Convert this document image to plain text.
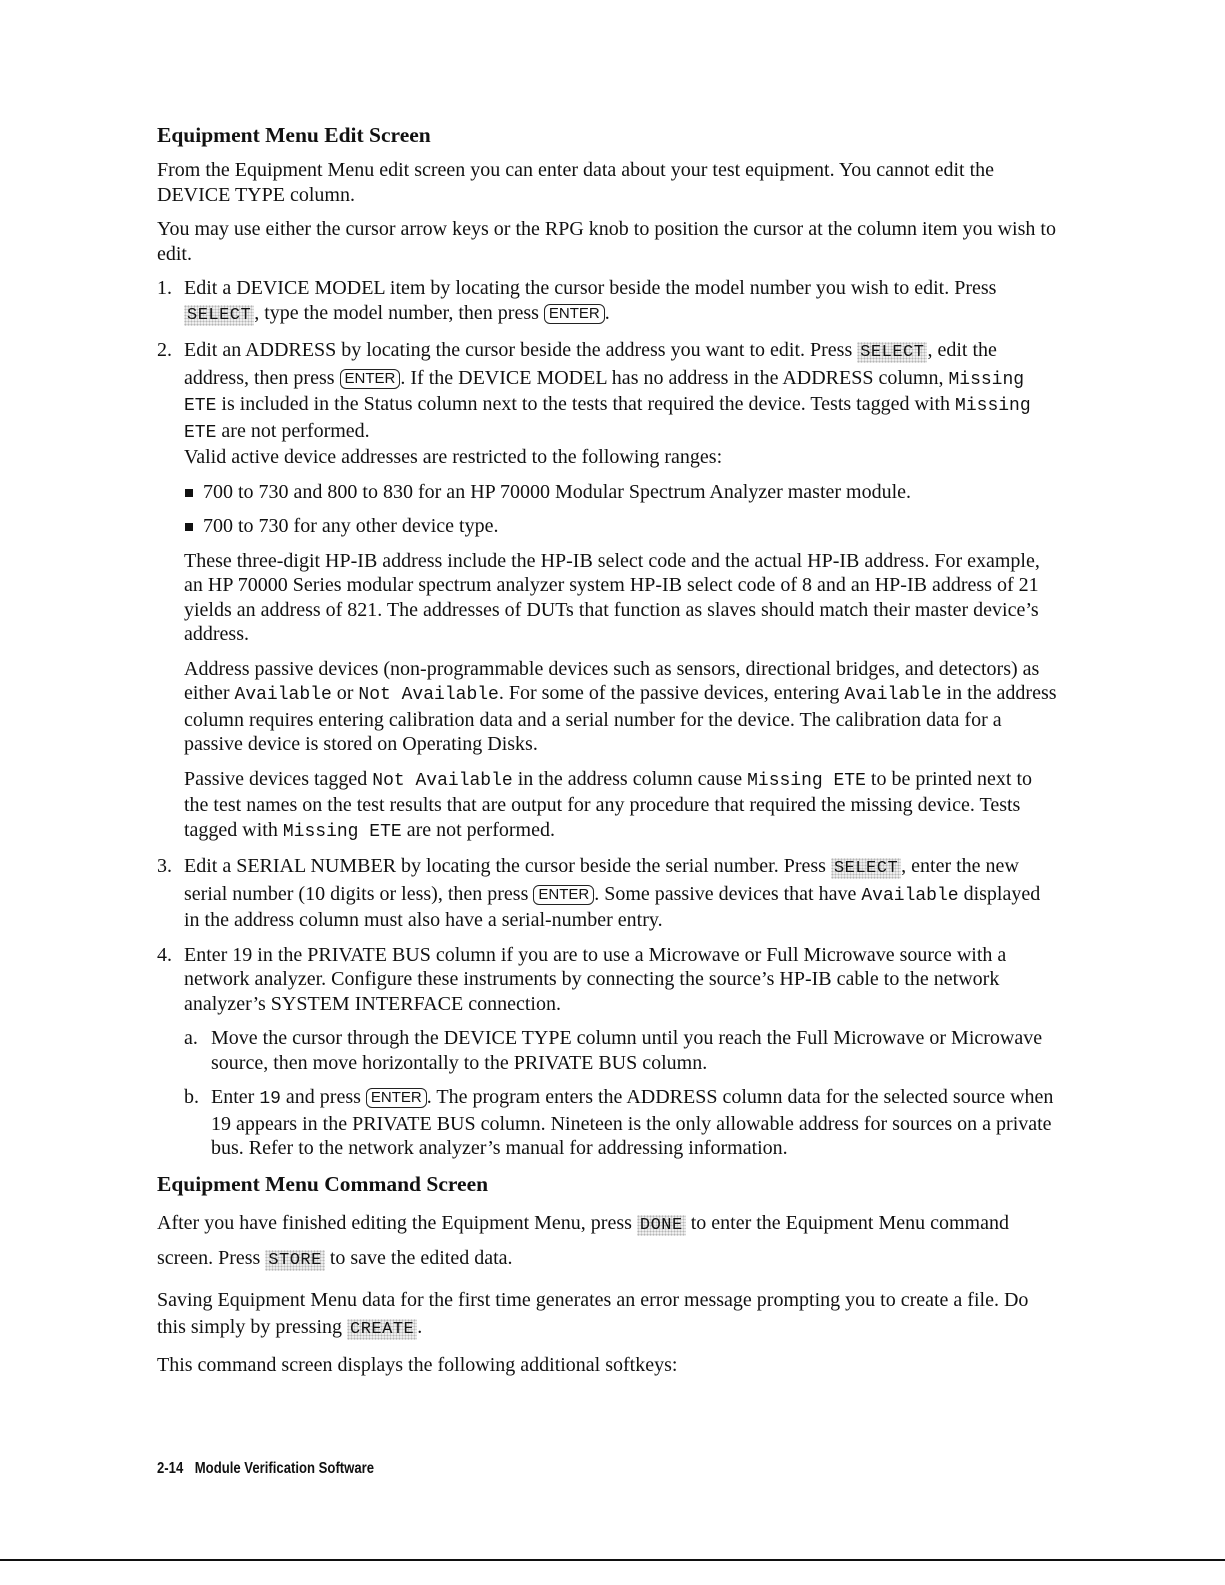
Equipment Menu Edit Screen

From the Equipment Menu edit screen you can enter data about your test equipment. You cannot edit the DEVICE TYPE column.

You may use either the cursor arrow keys or the RPG knob to position the cursor at the column item you wish to edit.

1. Edit a DEVICE MODEL item by locating the cursor beside the model number you wish to edit. Press SELECT , type the model number, then press ENTER .
2. Edit an ADDRESS by locating the cursor beside the address you want to edit. Press SELECT , edit the address, then press ENTER . If the DEVICE MODEL has no address in the ADDRESS column, Missing ETE is included in the Status column next to the tests that required the device. Tests tagged with Missing ETE are not performed.
Valid active device addresses are restricted to the following ranges:
700 to 730 and 800 to 830 for an HP 70000 Modular Spectrum Analyzer master module.
700 to 730 for any other device type.

These three-digit HP-IB address include the HP-IB select code and the actual HP-IB address. For example, an HP 70000 Series modular spectrum analyzer system HP-IB select code of 8 and an HP-IB address of 21 yields an address of 821. The addresses of DUTs that function as slaves should match their master device’s address.

Address passive devices (non-programmable devices such as sensors, directional bridges, and detectors) as either Available or Not Available. For some of the passive devices, entering Available in the address column requires entering calibration data and a serial number for the device. The calibration data for a passive device is stored on Operating Disks.

Passive devices tagged Not Available in the address column cause Missing ETE to be printed next to the test names on the test results that are output for any procedure that required the missing device. Tests tagged with Missing ETE are not performed.

3. Edit a SERIAL NUMBER by locating the cursor beside the serial number. Press SELECT , enter the new serial number (10 digits or less), then press ENTER . Some passive devices that have Available displayed in the address column must also have a serial-number entry.
4. Enter 19 in the PRIVATE BUS column if you are to use a Microwave or Full Microwave source with a network analyzer. Configure these instruments by connecting the source’s HP-IB cable to the network analyzer’s SYSTEM INTERFACE connection.

a. Move the cursor through the DEVICE TYPE column until you reach the Full Microwave or Microwave source, then move horizontally to the PRIVATE BUS column.
b. Enter 19 and press ENTER . The program enters the ADDRESS column data for the selected source when 19 appears in the PRIVATE BUS column. Nineteen is the only allowable address for sources on a private bus. Refer to the network analyzer’s manual for addressing information.
Equipment Menu Command Screen

After you have finished editing the Equipment Menu, press DONE to enter the Equipment Menu command screen. Press STORE to save the edited data.

Saving Equipment Menu data for the first time generates an error message prompting you to create a file. Do this simply by pressing CREATE .

This command screen displays the following additional softkeys:

2-14 Module Verification Software
